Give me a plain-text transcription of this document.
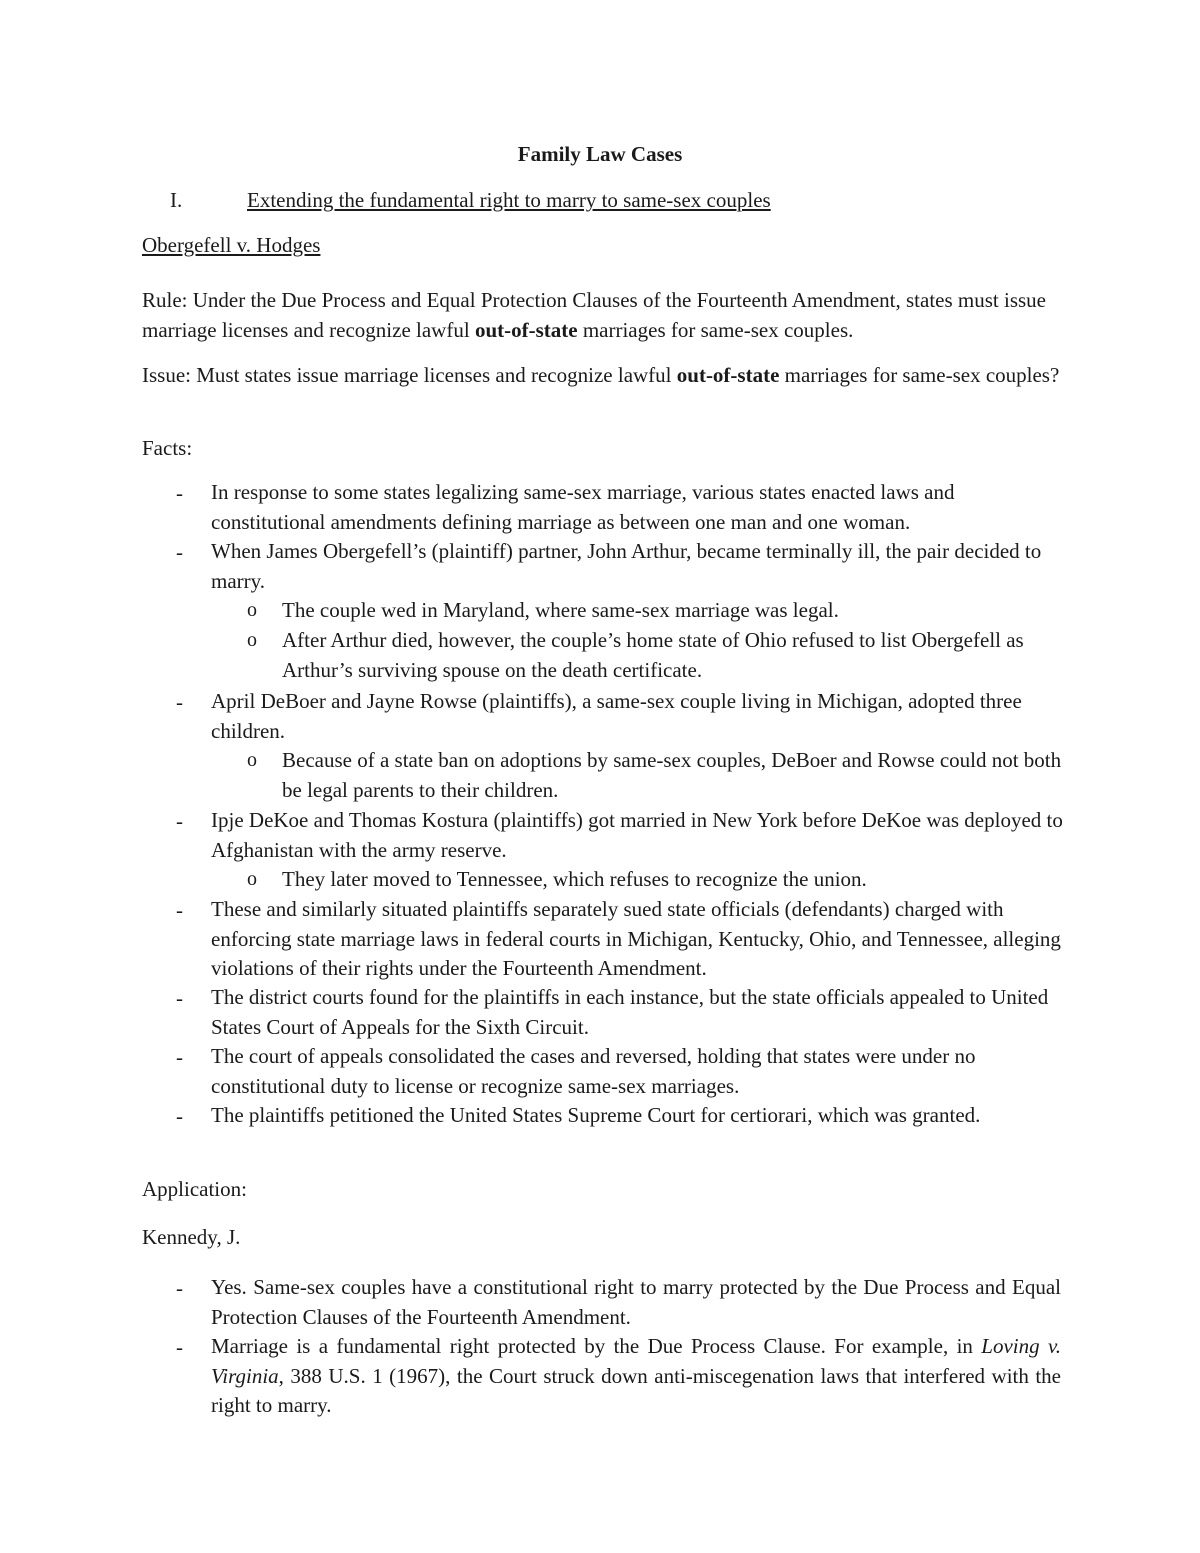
Family Law Cases
I.	Extending the fundamental right to marry to same-sex couples
Obergefell v. Hodges
Rule: Under the Due Process and Equal Protection Clauses of the Fourteenth Amendment, states must issue marriage licenses and recognize lawful out-of-state marriages for same-sex couples.
Issue: Must states issue marriage licenses and recognize lawful out-of-state marriages for same-sex couples?
Facts:
- In response to some states legalizing same-sex marriage, various states enacted laws and constitutional amendments defining marriage as between one man and one woman.
- When James Obergefell’s (plaintiff) partner, John Arthur, became terminally ill, the pair decided to marry.
o The couple wed in Maryland, where same-sex marriage was legal.
o After Arthur died, however, the couple’s home state of Ohio refused to list Obergefell as Arthur’s surviving spouse on the death certificate.
- April DeBoer and Jayne Rowse (plaintiffs), a same-sex couple living in Michigan, adopted three children.
o Because of a state ban on adoptions by same-sex couples, DeBoer and Rowse could not both be legal parents to their children.
- Ipje DeKoe and Thomas Kostura (plaintiffs) got married in New York before DeKoe was deployed to Afghanistan with the army reserve.
o They later moved to Tennessee, which refuses to recognize the union.
- These and similarly situated plaintiffs separately sued state officials (defendants) charged with enforcing state marriage laws in federal courts in Michigan, Kentucky, Ohio, and Tennessee, alleging violations of their rights under the Fourteenth Amendment.
- The district courts found for the plaintiffs in each instance, but the state officials appealed to United States Court of Appeals for the Sixth Circuit.
- The court of appeals consolidated the cases and reversed, holding that states were under no constitutional duty to license or recognize same-sex marriages.
- The plaintiffs petitioned the United States Supreme Court for certiorari, which was granted.
Application:
Kennedy, J.
- Yes. Same-sex couples have a constitutional right to marry protected by the Due Process and Equal Protection Clauses of the Fourteenth Amendment.
- Marriage is a fundamental right protected by the Due Process Clause. For example, in Loving v. Virginia, 388 U.S. 1 (1967), the Court struck down anti-miscegenation laws that interfered with the right to marry.
